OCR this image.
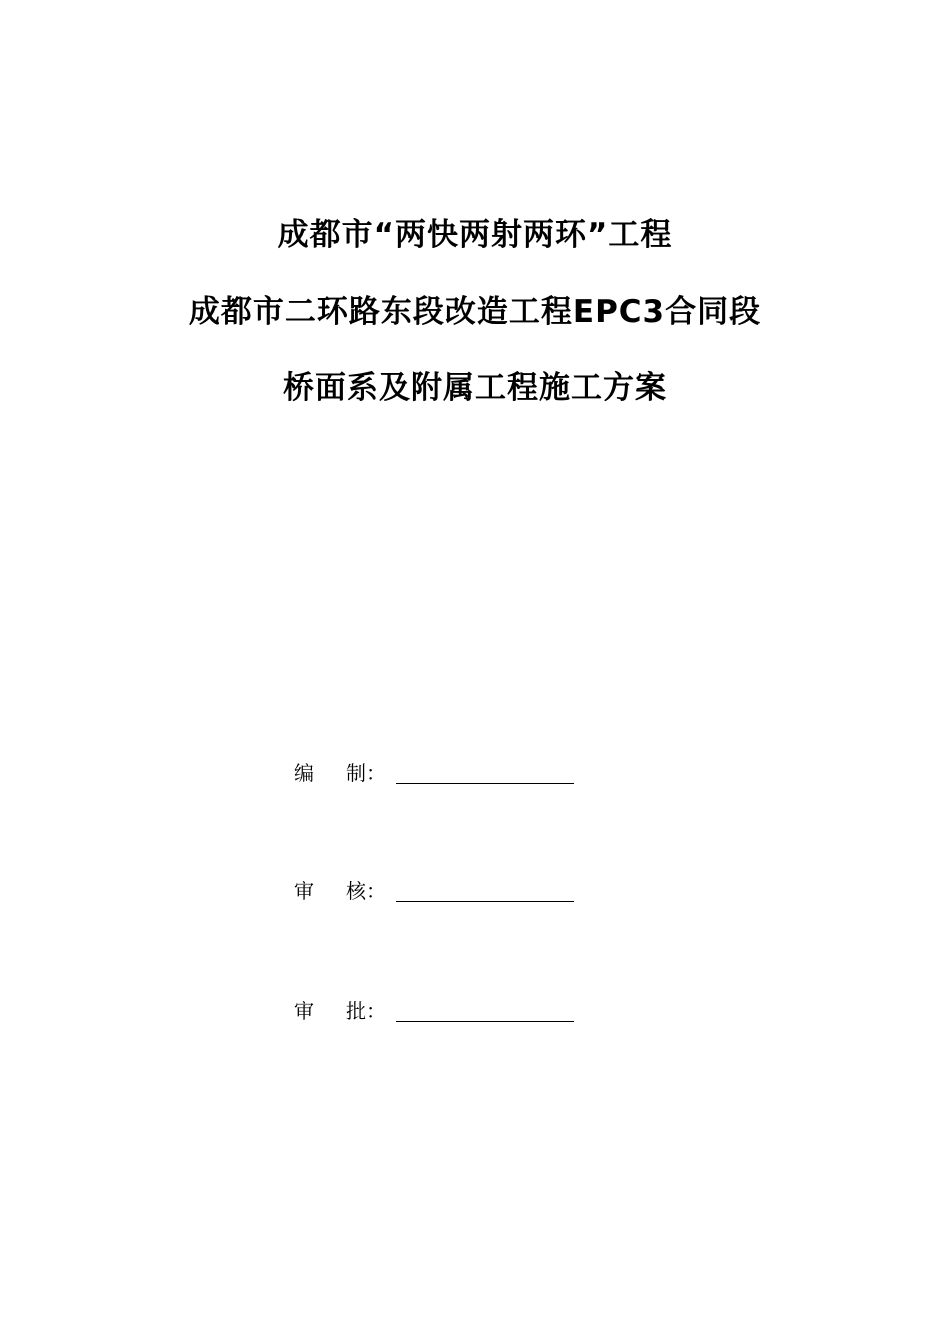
成都市“两快两射两环”工程
成都市二环路东段改造工程EPC3合同段
桥面系及附属工程施工方案
编 制：
审 核：
审 批：
